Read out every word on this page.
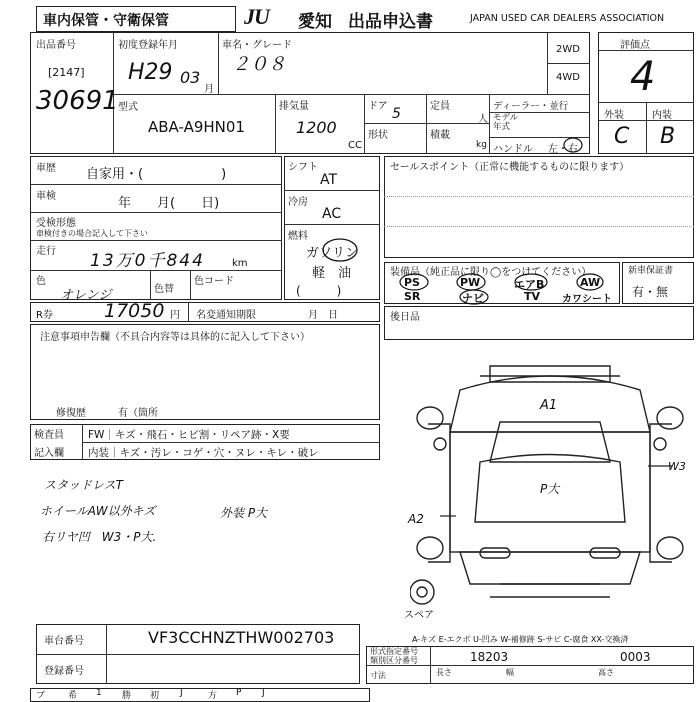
車内保管・守衛保管	JU 愛知 出品申込書	JAPAN USED CAR DEALERS ASSOCIATION
出品番号
[2147]
30691
初度登録年月
H29 03
月
車名・グレード
２０８
2WD
4WD
型式
ABA-A9HN01
排気量
1200
CC
ドア 5	定員
人
形状	積載
kg
ディーラー・並行
モデル
年式
ハンドル 左・右
評価点
4
外装	内装
C B
車歴 自家用・(　　　　　　)
車検	年　　月(　　日)
受検形態
車検付きの場合記入して下さい
走行 13万0千844	km
色
オレンジ	色替
色コード
R券	17050 円 名変通知期限	月　日
シフト
AT
冷房
AC
燃料
ガソリン
軽　油
(　　　)
セールスポイント（正常に機能するものに限ります）
装備品（純正品に限り◯をつけてください）
PS	PW	エアB	AW
SR	ナビ	TV カワシート
新車保証書
有・無
後日品
注意事項申告欄（不具合内容等は具体的に記入して下さい）
修復歴	有（箇所
検査員
記入欄
FW｜キズ・飛石・ヒビ割・リペア跡・X要
内装｜キズ・汚レ・コゲ・穴・ヌレ・キレ・破レ
スタッドレスT
ホイールAW以外キズ
右リヤ凹　W3・P大.
外装 P大
A1
P大
A2
W3
スペア
A-キズ E-エクボ U-凹み W-補修跡 S-サビ C-腐食 XX-交換済
車台番号	VF3CCHNZTHW002703
登録番号
形式指定番号
類別区分番号	18203	0003
寸法	長さ	幅	高さ
ブ	希 1 勝 初 J	方 P J
